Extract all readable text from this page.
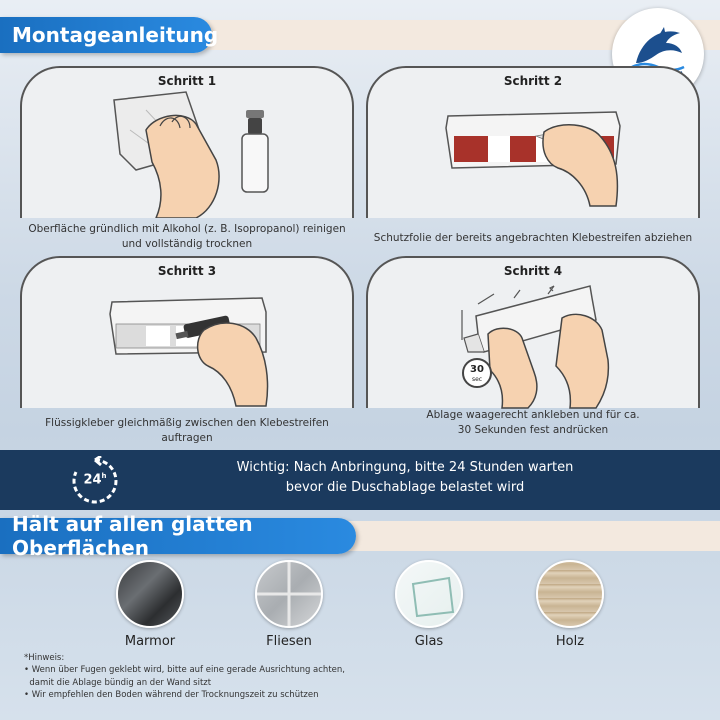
Montageanleitung
Schritt 1
Oberfläche gründlich mit Alkohol (z. B. Isopropanol) reinigen
und vollständig trocknen
Schritt 2
Schutzfolie der bereits angebrachten Klebestreifen abziehen
Schritt 3
Flüssigkleber gleichmäßig zwischen den Klebestreifen auftragen
Schritt 4
30
sec
Ablage waagerecht ankleben und für ca.
30 Sekunden fest andrücken
24$^h$
Wichtig: Nach Anbringung, bitte 24 Stunden warten
bevor die Duschablage belastet wird
Hält auf allen glatten Oberflächen
Marmor	Fliesen	Glas	Holz
*Hinweis:
• Wenn über Fugen geklebt wird, bitte auf eine gerade Ausrichtung achten,
damit die Ablage bündig an der Wand sitzt
• Wir empfehlen den Boden während der Trocknungszeit zu schützen
